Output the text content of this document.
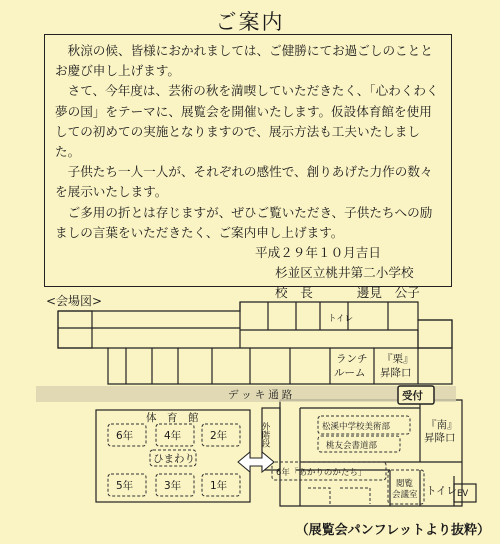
ご案内

秋涼の候、皆様におかれましては、ご健勝にてお過ごしのこととお慶び申し上げます。

さて、今年度は、芸術の秋を満喫していただきたく、「心わくわく夢の国」をテーマに、展覧会を開催いたします。仮設体育館を使用しての初めての実施となりますので、展示方法も工夫いたしました。

子供たち一人一人が、それぞれの感性で、創りあげた力作の数々を展示いたします。

ご多用の折とは存じますが、ぜひご覧いただき、子供たちへの励ましの言葉をいただきたく、ご案内申し上げます。

平成２９年１０月吉日

杉並区立桃井第二小学校

校　長	邊見　公子

<会場図>

トイレ
ランチ
ルーム
『栗』
昇降口
デッキ通路	受付
体　育　館
6年	4年	2年
ひまわり
5年	3年	1年
外階段	松溪中学校美術部
桃友会書道部
『南』
昇降口
6年「あかりのかたち」
閲覧
会議室 トイレ EV

（展覧会パンフレットより抜粋）
